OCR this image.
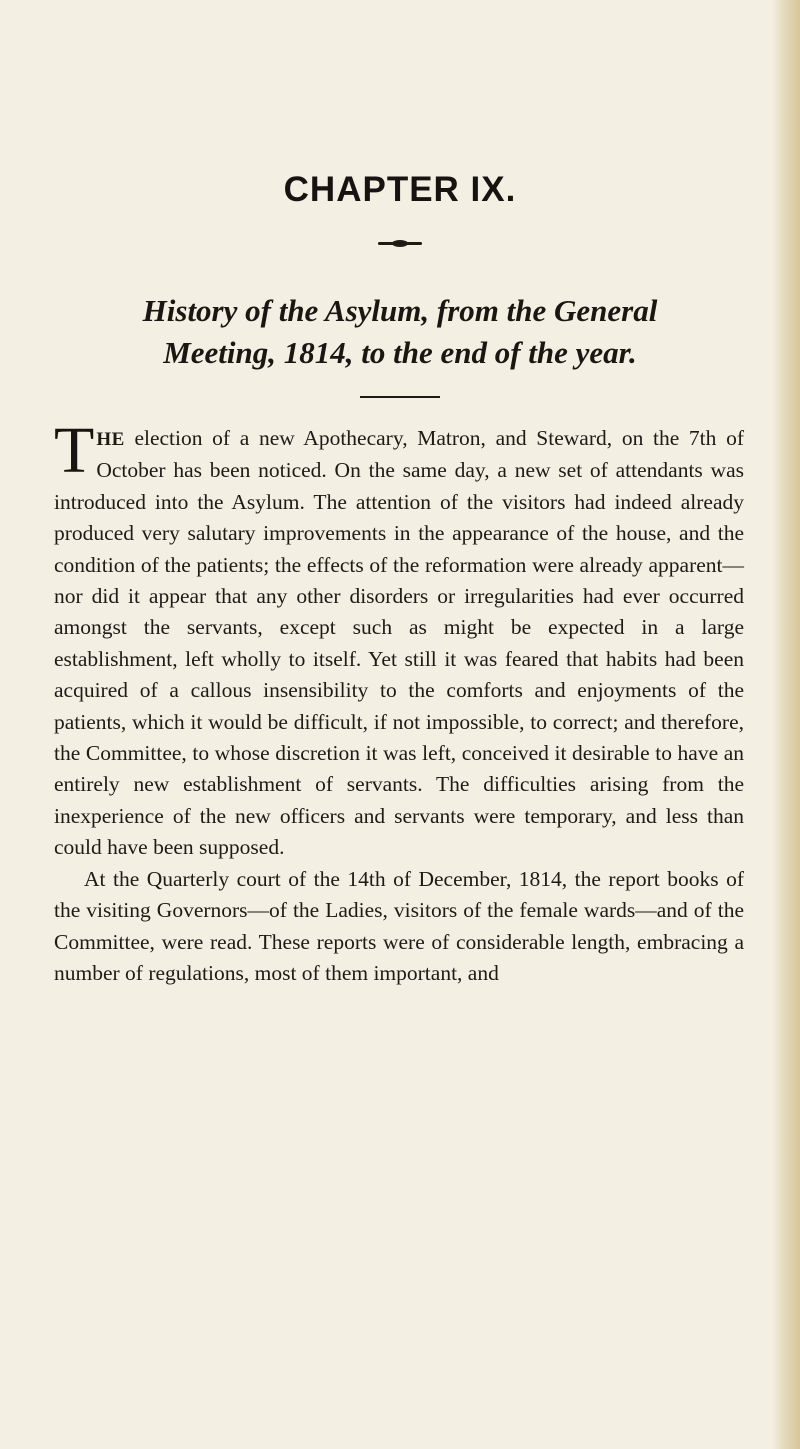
CHAPTER IX.
History of the Asylum, from the General Meeting, 1814, to the end of the year.

THE election of a new Apothecary, Matron, and Steward, on the 7th of October has been noticed. On the same day, a new set of attendants was introduced into the Asylum. The attention of the visitors had indeed already produced very salutary improvements in the appearance of the house, and the condition of the patients; the effects of the reformation were already apparent—nor did it appear that any other disorders or irregularities had ever occurred amongst the servants, except such as might be expected in a large establishment, left wholly to itself. Yet still it was feared that habits had been acquired of a callous insensibility to the comforts and enjoyments of the patients, which it would be difficult, if not impossible, to correct; and therefore, the Committee, to whose discretion it was left, conceived it desirable to have an entirely new establishment of servants. The difficulties arising from the inexperience of the new officers and servants were temporary, and less than could have been supposed.

At the Quarterly court of the 14th of December, 1814, the report books of the visiting Governors—of the Ladies, visitors of the female wards—and of the Committee, were read. These reports were of considerable length, embracing a number of regulations, most of them important, and
